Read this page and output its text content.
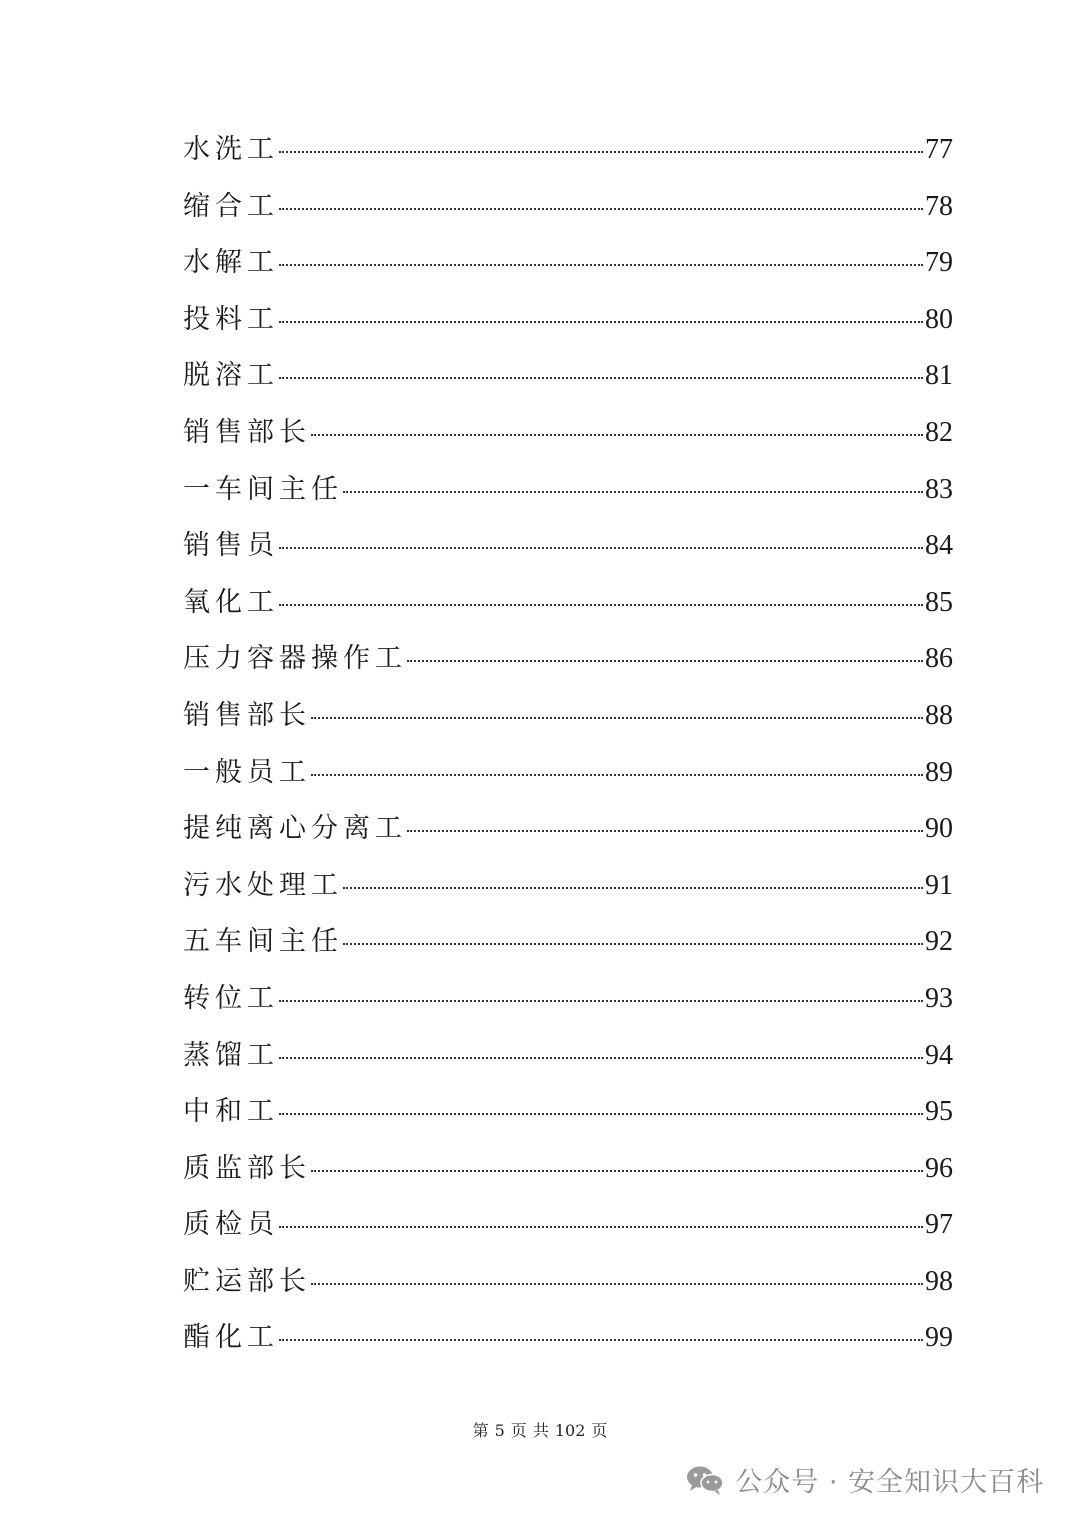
水洗工	77
缩合工	78
水解工	79
投料工	80
脱溶工	81
销售部长	82
一车间主任	83
销售员	84
氧化工	85
压力容器操作工	86
销售部长	88
一般员工	89
提纯离心分离工	90
污水处理工	91
五车间主任	92
转位工	93
蒸馏工	94
中和工	95
质监部长	96
质检员	97
贮运部长	98
酯化工	99
第 5 页 共 102 页
公众号 · 安全知识大百科
